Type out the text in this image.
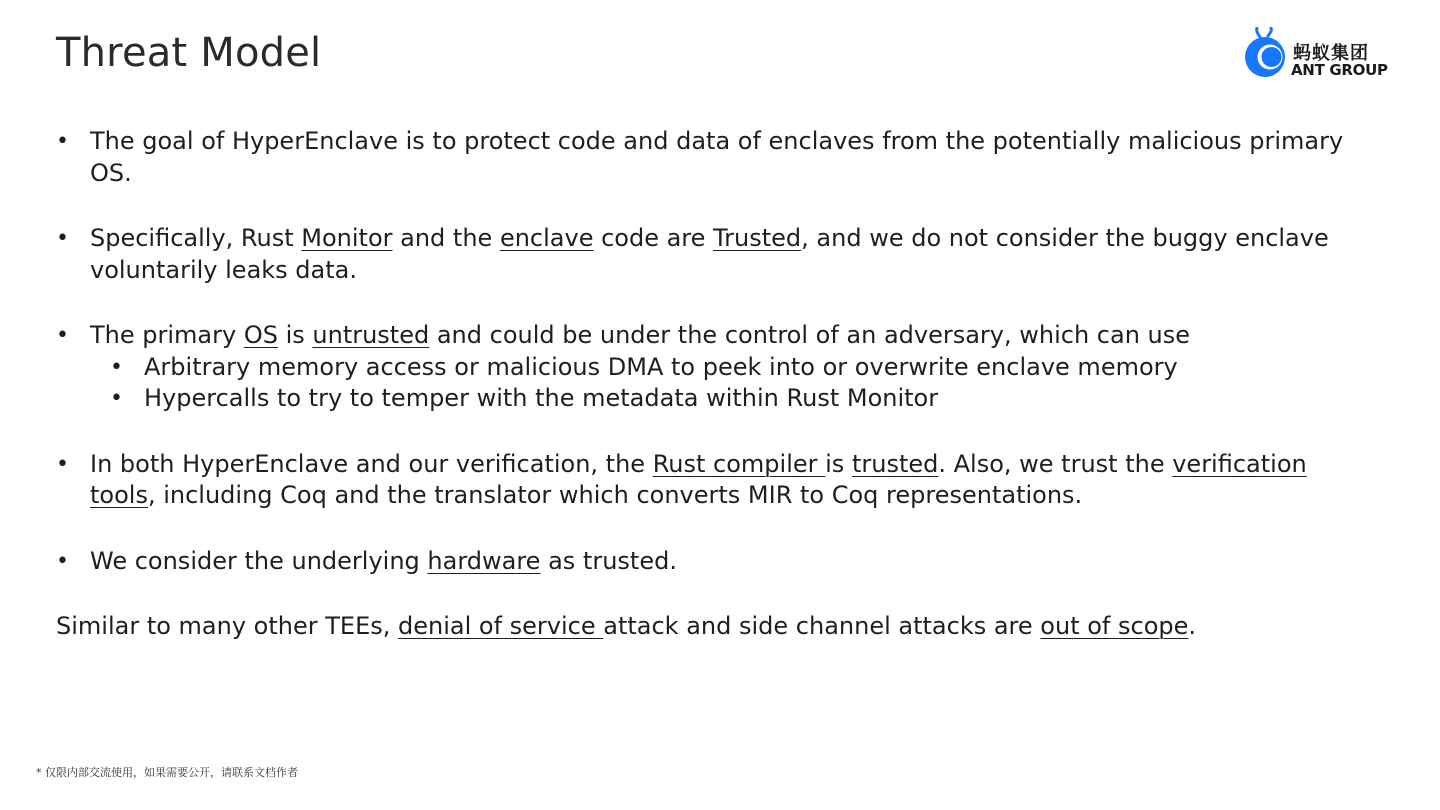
Threat Model	蚂蚁集团
ANT GROUP
• The goal of HyperEnclave is to protect code and data of enclaves from the potentially malicious primary OS.
• Specifically, Rust Monitor and the enclave code are Trusted, and we do not consider the buggy enclave voluntarily leaks data.
• The primary OS is untrusted and could be under the control of an adversary, which can use
• Arbitrary memory access or malicious DMA to peek into or overwrite enclave memory
• Hypercalls to try to temper with the metadata within Rust Monitor
• In both HyperEnclave and our verification, the Rust compiler is trusted. Also, we trust the verification tools, including Coq and the translator which converts MIR to Coq representations.
• We consider the underlying hardware as trusted.

Similar to many other TEEs, denial of service attack and side channel attacks are out of scope.

* 仅限内部交流使用，如果需要公开，请联系文档作者
